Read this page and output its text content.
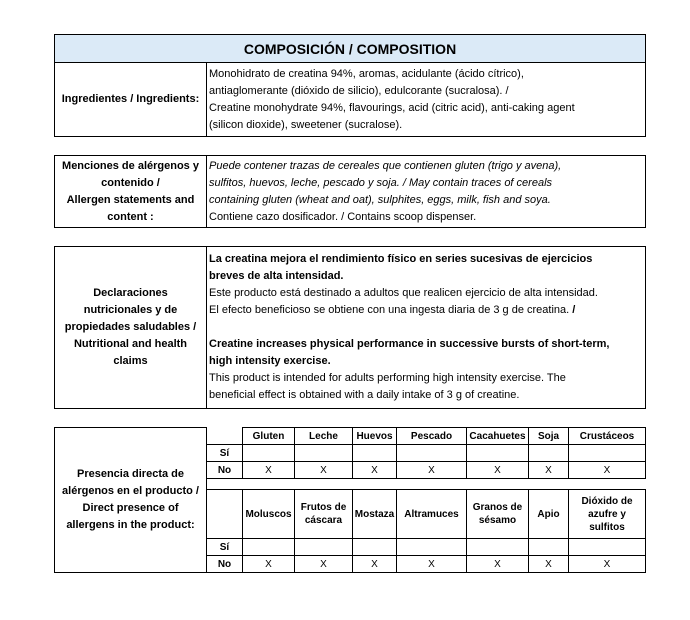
COMPOSICIÓN / COMPOSITION
Ingredientes / Ingredients:	
Monohidrato de creatina 94%, aromas, acidulante (ácido cítrico),
antiaglomerante (dióxido de silicio), edulcorante (sucralosa). /
Creatine monohydrate 94%, flavourings, acid (citric acid), anti-caking agent
(silicon dioxide), sweetener (sucralose).
Menciones de alérgenos y
contenido /
Allergen statements and
content :

Puede contener trazas de cereales que contienen gluten (trigo y avena),
sulfitos, huevos, leche, pescado y soja. / May contain traces of cereals
containing gluten (wheat and oat), sulphites, eggs, milk, fish and soya.
Contiene cazo dosificador. / Contains scoop dispenser.
Declaraciones
nutricionales y de
propiedades saludables /
Nutritional and health
claims

La creatina mejora el rendimiento físico en series sucesivas de ejercicios
breves de alta intensidad.
Este producto está destinado a adultos que realicen ejercicio de alta intensidad.
El efecto beneficioso se obtiene con una ingesta diaria de 3 g de creatina. /

Creatine increases physical performance in successive bursts of short-term,
high intensity exercise.
This product is intended for adults performing high intensity exercise. The
beneficial effect is obtained with a daily intake of 3 g of creatine.
Presencia directa de
alérgenos en el producto /
Direct presence of
allergens in the product:		Gluten	Leche	Huevos	Pescado	Cacahuetes	Soja	Crustáceos
	Sí							
	No	X	X	X	X	X	X	X

		Moluscos	Frutos de cáscara	Mostaza	Altramuces	Granos de sésamo	Apio	Dióxido de azufre y sulfitos
	Sí							
	No	X	X	X	X	X	X	X
